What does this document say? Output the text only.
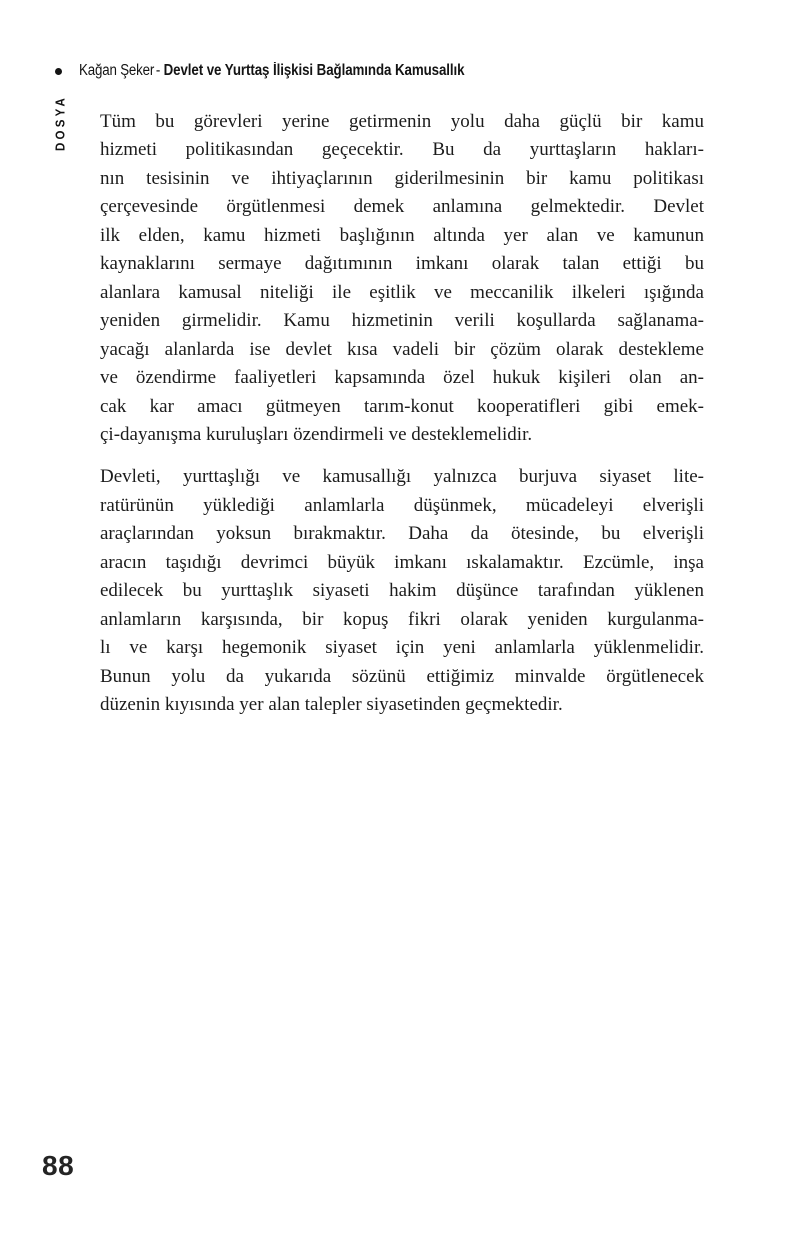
Kağan Şeker - Devlet ve Yurttaş İlişkisi Bağlamında Kamusallık
DOSYA Tüm bu görevleri yerine getirmenin yolu daha güçlü bir kamu
hizmeti politikasından geçecektir. Bu da yurttaşların hakları-
nın tesisinin ve ihtiyaçlarının giderilmesinin bir kamu politikası
çerçevesinde örgütlenmesi demek anlamına gelmektedir. Devlet
ilk elden, kamu hizmeti başlığının altında yer alan ve kamunun
kaynaklarını sermaye dağıtımının imkanı olarak talan ettiği bu
alanlara kamusal niteliği ile eşitlik ve meccanilik ilkeleri ışığında
yeniden girmelidir. Kamu hizmetinin verili koşullarda sağlanama-
yacağı alanlarda ise devlet kısa vadeli bir çözüm olarak destekleme
ve özendirme faaliyetleri kapsamında özel hukuk kişileri olan an-
cak kar amacı gütmeyen tarım-konut kooperatifleri gibi emek-
çi-dayanışma kuruluşları özendirmeli ve desteklemelidir.
Devleti, yurttaşlığı ve kamusallığı yalnızca burjuva siyaset lite-
ratürünün yüklediği anlamlarla düşünmek, mücadeleyi elverişli
araçlarından yoksun bırakmaktır. Daha da ötesinde, bu elverişli
aracın taşıdığı devrimci büyük imkanı ıskalamaktır. Ezcümle, inşa
edilecek bu yurttaşlık siyaseti hakim düşünce tarafından yüklenen
anlamların karşısında, bir kopuş fikri olarak yeniden kurgulanma-
lı ve karşı hegemonik siyaset için yeni anlamlarla yüklenmelidir.
Bunun yolu da yukarıda sözünü ettiğimiz minvalde örgütlenecek
düzenin kıyısında yer alan talepler siyasetinden geçmektedir.
88
